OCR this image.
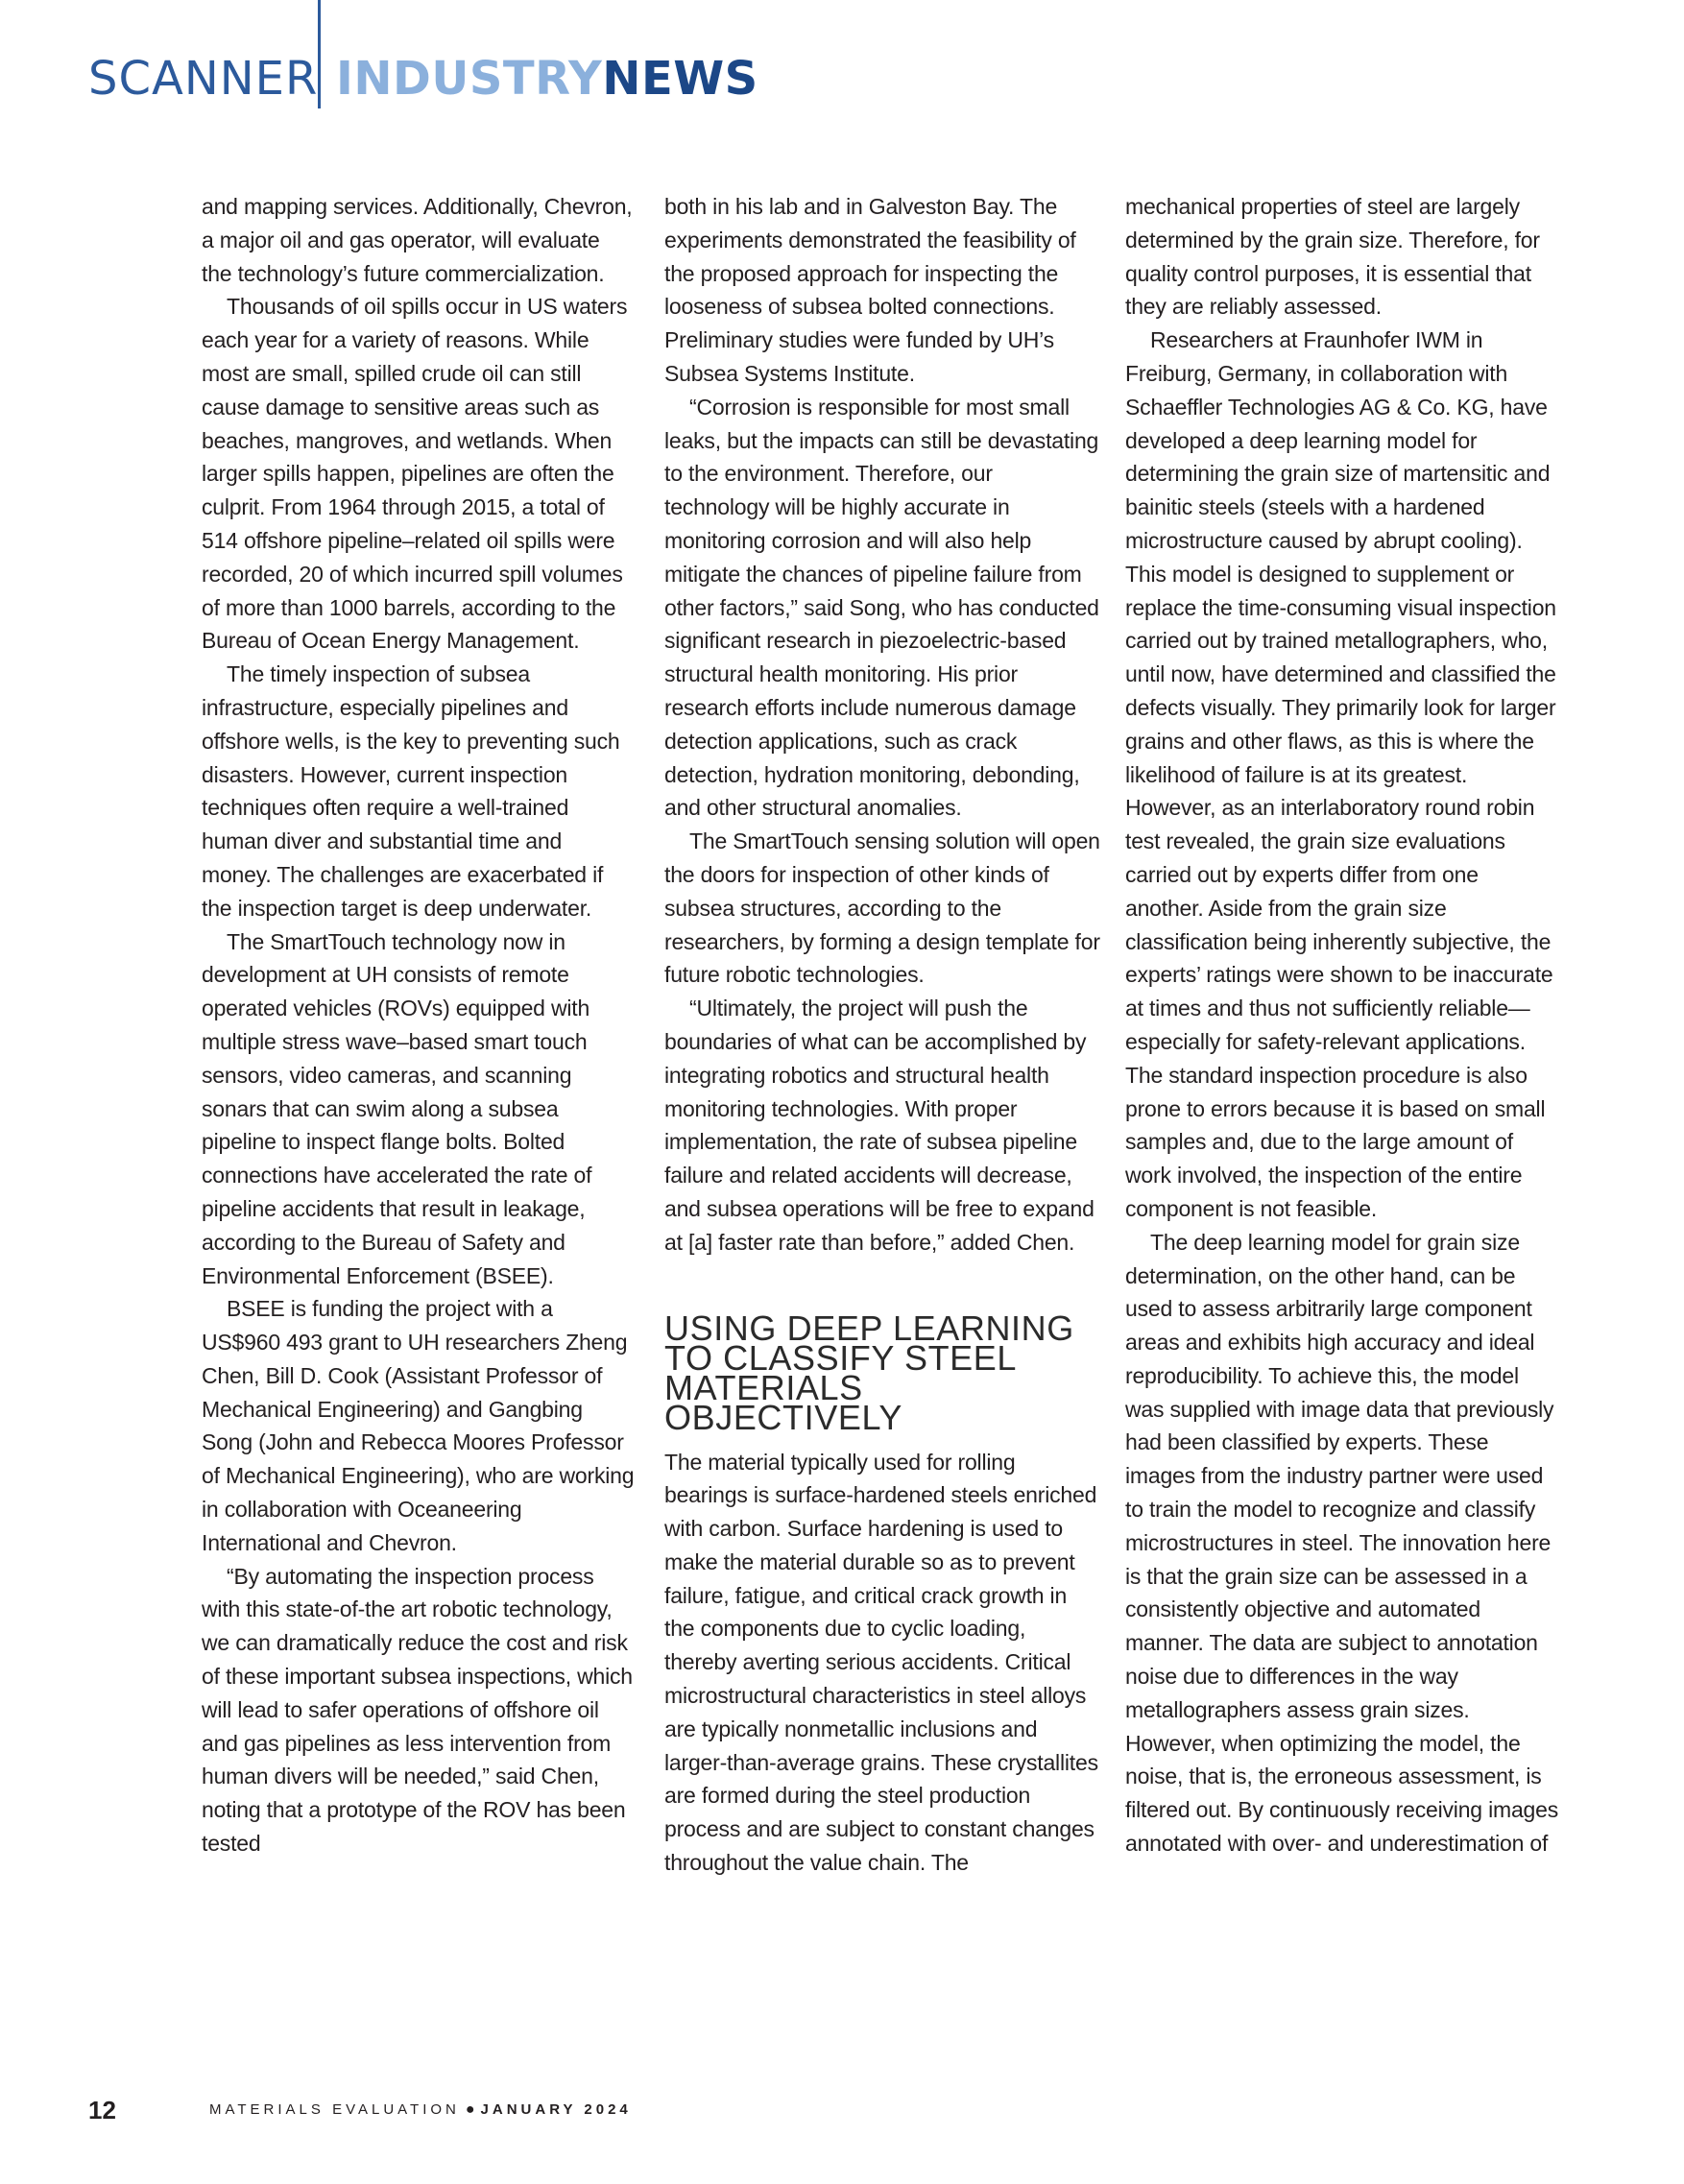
SCANNER INDUSTRYNEWS

and mapping services. Additionally, Chevron, a major oil and gas operator, will evaluate the technology’s future commercialization.

Thousands of oil spills occur in US waters each year for a variety of reasons. While most are small, spilled crude oil can still cause damage to sensitive areas such as beaches, mangroves, and wetlands. When larger spills happen, pipelines are often the culprit. From 1964 through 2015, a total of 514 offshore pipeline–related oil spills were recorded, 20 of which incurred spill volumes of more than 1000 barrels, according to the Bureau of Ocean Energy Management.

The timely inspection of subsea infrastructure, especially pipelines and offshore wells, is the key to preventing such disasters. However, current inspection techniques often require a well-trained human diver and substantial time and money. The challenges are exacerbated if the inspection target is deep underwater.

The SmartTouch technology now in development at UH consists of remote operated vehicles (ROVs) equipped with multiple stress wave–based smart touch sensors, video cameras, and scanning sonars that can swim along a subsea pipeline to inspect flange bolts. Bolted connections have accelerated the rate of pipeline accidents that result in leakage, according to the Bureau of Safety and Environmental Enforcement (BSEE).

BSEE is funding the project with a US$960 493 grant to UH researchers Zheng Chen, Bill D. Cook (Assistant Professor of Mechanical Engineering) and Gangbing Song (John and Rebecca Moores Professor of Mechanical Engineering), who are working in collaboration with Oceaneering International and Chevron.

“By automating the inspection process with this state-of-the art robotic technology, we can dramatically reduce the cost and risk of these important subsea inspections, which will lead to safer operations of offshore oil and gas pipelines as less intervention from human divers will be needed,” said Chen, noting that a prototype of the ROV has been tested

both in his lab and in Galveston Bay. The experiments demonstrated the feasibility of the proposed approach for inspecting the looseness of subsea bolted connections. Preliminary studies were funded by UH’s Subsea Systems Institute.

“Corrosion is responsible for most small leaks, but the impacts can still be devastating to the environment. Therefore, our technology will be highly accurate in monitoring corrosion and will also help mitigate the chances of pipeline failure from other factors,” said Song, who has conducted significant research in piezoelectric-based structural health monitoring. His prior research efforts include numerous damage detection applications, such as crack detection, hydration monitoring, debonding, and other structural anomalies.

The SmartTouch sensing solution will open the doors for inspection of other kinds of subsea structures, according to the researchers, by forming a design template for future robotic technologies.

“Ultimately, the project will push the boundaries of what can be accomplished by integrating robotics and structural health monitoring technologies. With proper implementation, the rate of subsea pipeline failure and related accidents will decrease, and subsea operations will be free to expand at [a] faster rate than before,” added Chen.

USING DEEP LEARNING TO CLASSIFY STEEL MATERIALS OBJECTIVELY

The material typically used for rolling bearings is surface-hardened steels enriched with carbon. Surface hardening is used to make the material durable so as to prevent failure, fatigue, and critical crack growth in the components due to cyclic loading, thereby averting serious accidents. Critical microstructural characteristics in steel alloys are typically nonmetallic inclusions and larger-than-average grains. These crystallites are formed during the steel production process and are subject to constant changes throughout the value chain. The

mechanical properties of steel are largely determined by the grain size. Therefore, for quality control purposes, it is essential that they are reliably assessed.

Researchers at Fraunhofer IWM in Freiburg, Germany, in collaboration with Schaeffler Technologies AG & Co. KG, have developed a deep learning model for determining the grain size of martensitic and bainitic steels (steels with a hardened microstructure caused by abrupt cooling). This model is designed to supplement or replace the time-consuming visual inspection carried out by trained metallographers, who, until now, have determined and classified the defects visually. They primarily look for larger grains and other flaws, as this is where the likelihood of failure is at its greatest. However, as an interlaboratory round robin test revealed, the grain size evaluations carried out by experts differ from one another. Aside from the grain size classification being inherently subjective, the experts’ ratings were shown to be inaccurate at times and thus not sufficiently reliable—especially for safety-relevant applications. The standard inspection procedure is also prone to errors because it is based on small samples and, due to the large amount of work involved, the inspection of the entire component is not feasible.

The deep learning model for grain size determination, on the other hand, can be used to assess arbitrarily large component areas and exhibits high accuracy and ideal reproducibility. To achieve this, the model was supplied with image data that previously had been classified by experts. These images from the industry partner were used to train the model to recognize and classify microstructures in steel. The innovation here is that the grain size can be assessed in a consistently objective and automated manner. The data are subject to annotation noise due to differences in the way metallographers assess grain sizes. However, when optimizing the model, the noise, that is, the erroneous assessment, is filtered out. By continuously receiving images annotated with over- and underestimation of

12	MATERIALS EVALUATION ● JANUARY 2024
